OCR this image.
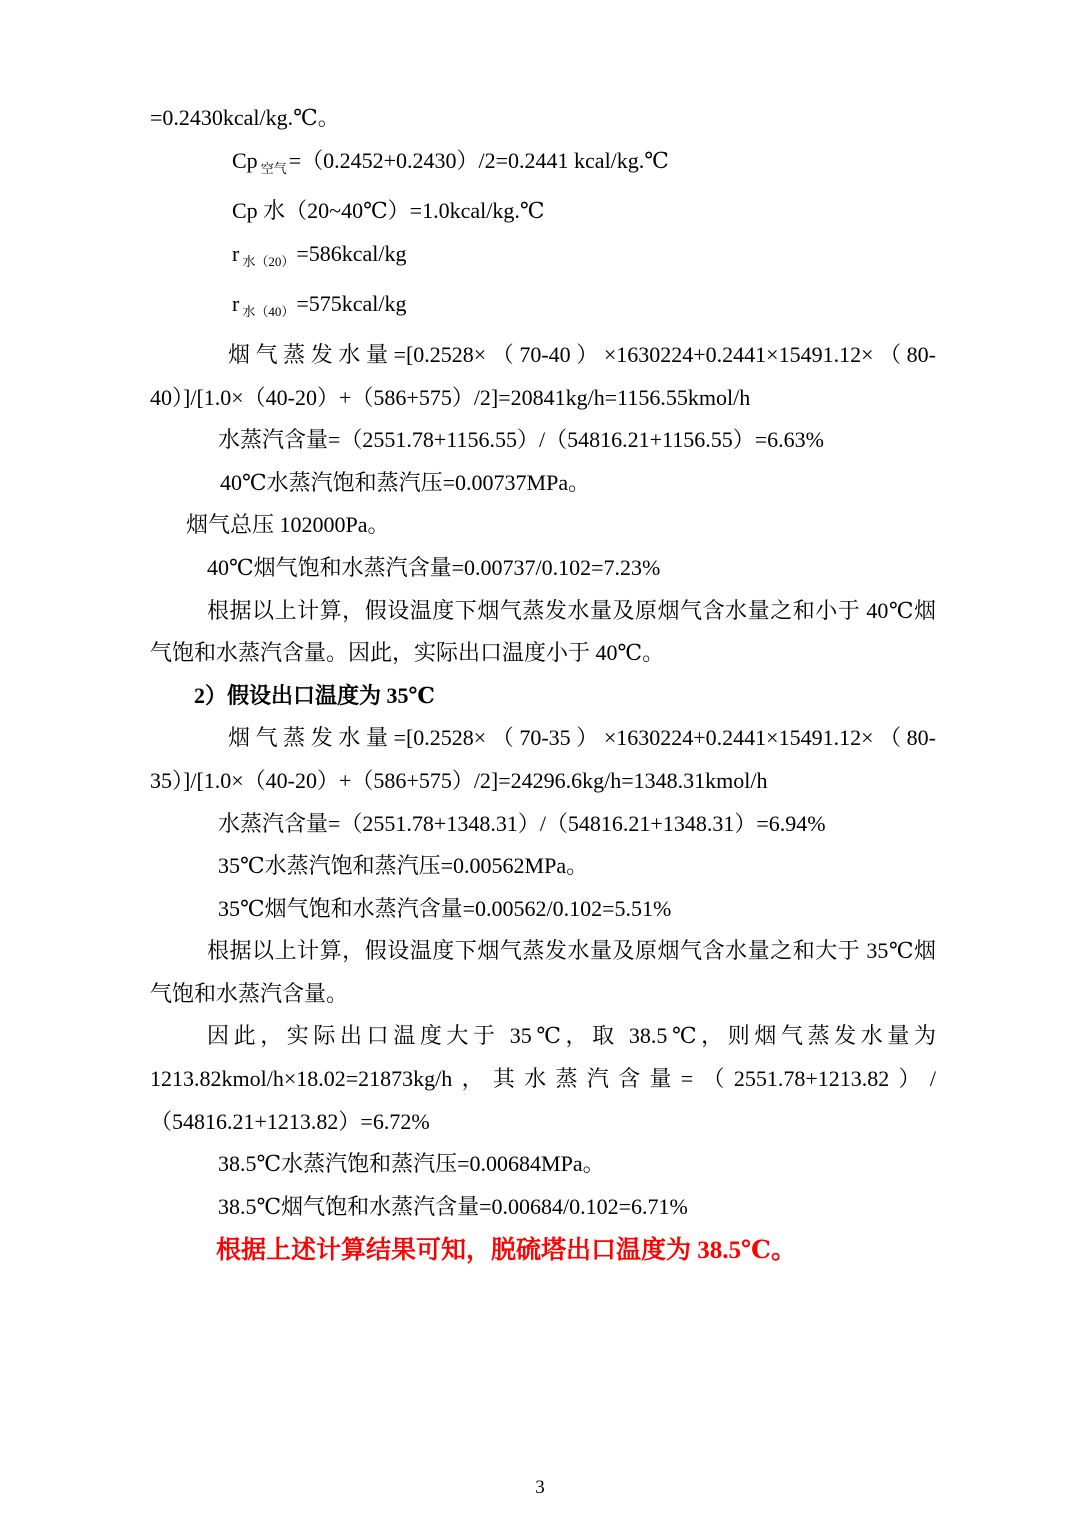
=0.2430kcal/kg.℃。

Cp $_{空气}$=（0.2452+0.2430）/2=0.2441 kcal/kg.℃

Cp 水（20~40℃）=1.0kcal/kg.℃

r $_{水(20)}$=586kcal/kg

r $_{水(40)}$=575kcal/kg

烟气蒸发水量=[0.2528×（70-40）×1630224+0.2441×15491.12×（80-40）]/[1.0×（40-20）+（586+575）/2]=20841kg/h=1156.55kmol/h

水蒸汽含量=（2551.78+1156.55）/（54816.21+1156.55）=6.63%

40℃水蒸汽饱和蒸汽压=0.00737MPa。

烟气总压 102000Pa。

40℃烟气饱和水蒸汽含量=0.00737/0.102=7.23%

根据以上计算，假设温度下烟气蒸发水量及原烟气含水量之和小于 40℃烟气饱和水蒸汽含量。因此，实际出口温度小于 40℃。

2）假设出口温度为 35℃

烟气蒸发水量=[0.2528×（70-35）×1630224+0.2441×15491.12×（80-35）]/[1.0×（40-20）+（586+575）/2]=24296.6kg/h=1348.31kmol/h

水蒸汽含量=（2551.78+1348.31）/（54816.21+1348.31）=6.94%

35℃水蒸汽饱和蒸汽压=0.00562MPa。

35℃烟气饱和水蒸汽含量=0.00562/0.102=5.51%

根据以上计算，假设温度下烟气蒸发水量及原烟气含水量之和大于 35℃烟气饱和水蒸汽含量。

因此，实际出口温度大于 35℃，取 38.5℃，则烟气蒸发水量为 1213.82kmol/h×18.02=21873kg/h，其水蒸汽含量=（2551.78+1213.82）/（54816.21+1213.82）=6.72%

38.5℃水蒸汽饱和蒸汽压=0.00684MPa。

38.5℃烟气饱和水蒸汽含量=0.00684/0.102=6.71%

根据上述计算结果可知，脱硫塔出口温度为 38.5℃。

3
